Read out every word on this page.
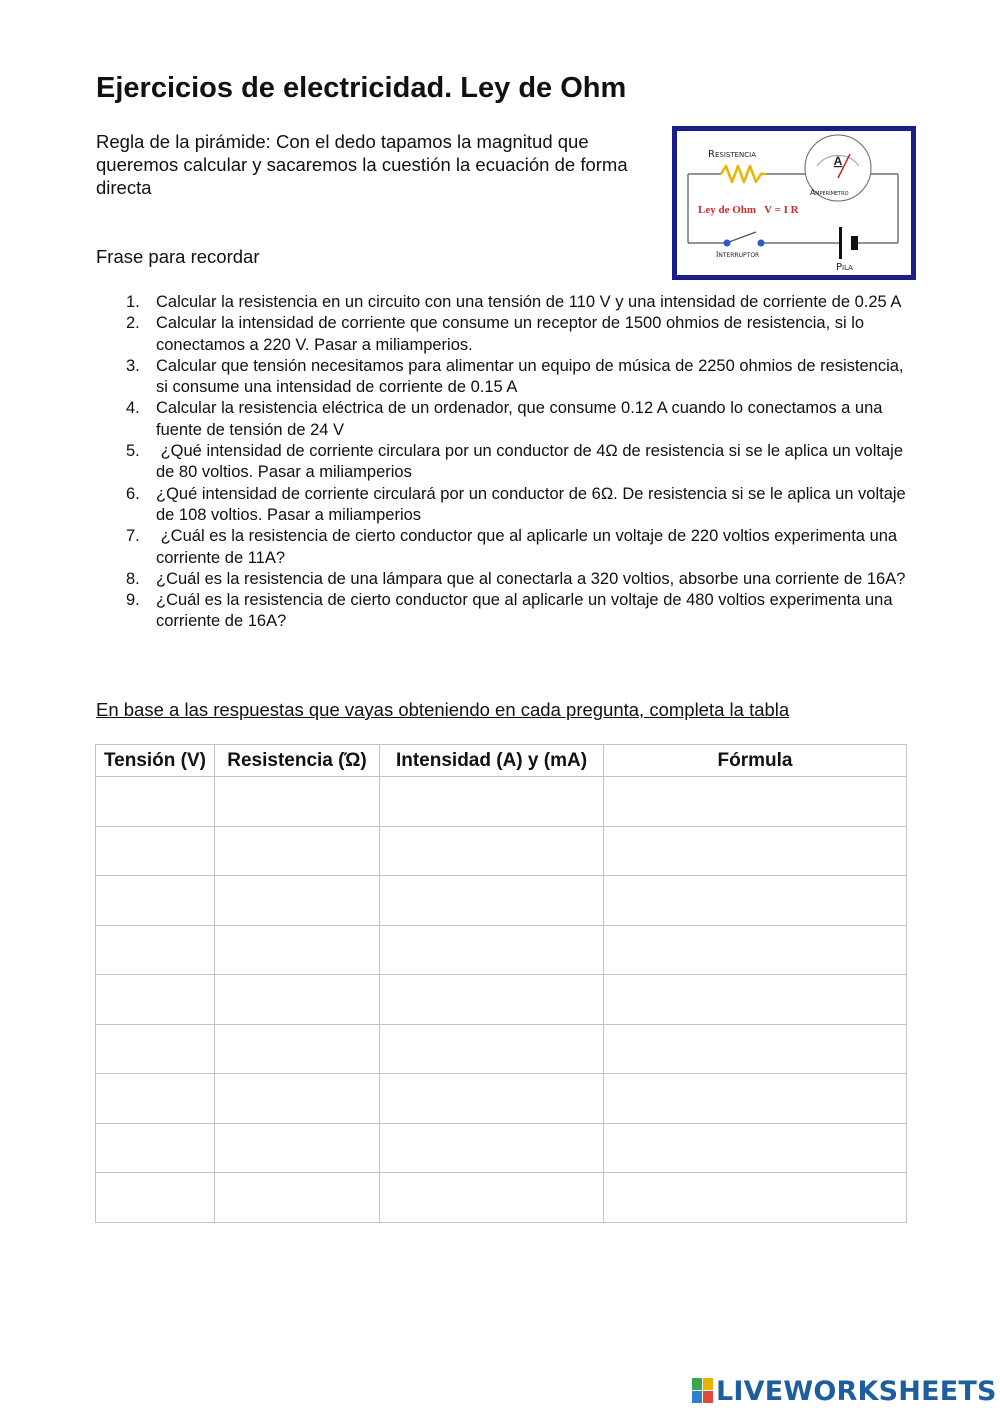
Ejercicios de electricidad. Ley de Ohm

Regla de la pirámide: Con el dedo tapamos la magnitud que queremos calcular y sacaremos la cuestión la ecuación de forma directa

Frase para recordar

Resistencia	A
Amperímetro
Ley de Ohm   V = I R
Interruptor
Pila
1. Calcular la resistencia en un circuito con una tensión de 110 V y una intensidad de corriente de 0.25 A
2. Calcular la intensidad de corriente que consume un receptor de 1500 ohmios de resistencia, si lo conectamos a 220 V. Pasar a miliamperios.
3. Calcular que tensión necesitamos para alimentar un equipo de música de 2250 ohmios de resistencia, si consume una intensidad de corriente de 0.15 A
4. Calcular la resistencia eléctrica de un ordenador, que consume 0.12 A cuando lo conectamos a una fuente de tensión de 24 V
5. ¿Qué intensidad de corriente circulara por un conductor de 4Ω de resistencia si se le aplica un voltaje de 80 voltios. Pasar a miliamperios
6. ¿Qué intensidad de corriente circulará por un conductor de 6Ω. De resistencia si se le aplica un voltaje de 108 voltios. Pasar a miliamperios
7. ¿Cuál es la resistencia de cierto conductor que al aplicarle un voltaje de 220 voltios experimenta una corriente de 11A?
8. ¿Cuál es la resistencia de una lámpara que al conectarla a 320 voltios, absorbe una corriente de 16A?
9. ¿Cuál es la resistencia de cierto conductor que al aplicarle un voltaje de 480 voltios experimenta una corriente de 16A?

En base a las respuestas que vayas obteniendo en cada pregunta, completa la tabla

Tensión (V)	Resistencia (Ώ)	Intensidad (A) y (mA)	Fórmula

LIVEWORKSHEETS
